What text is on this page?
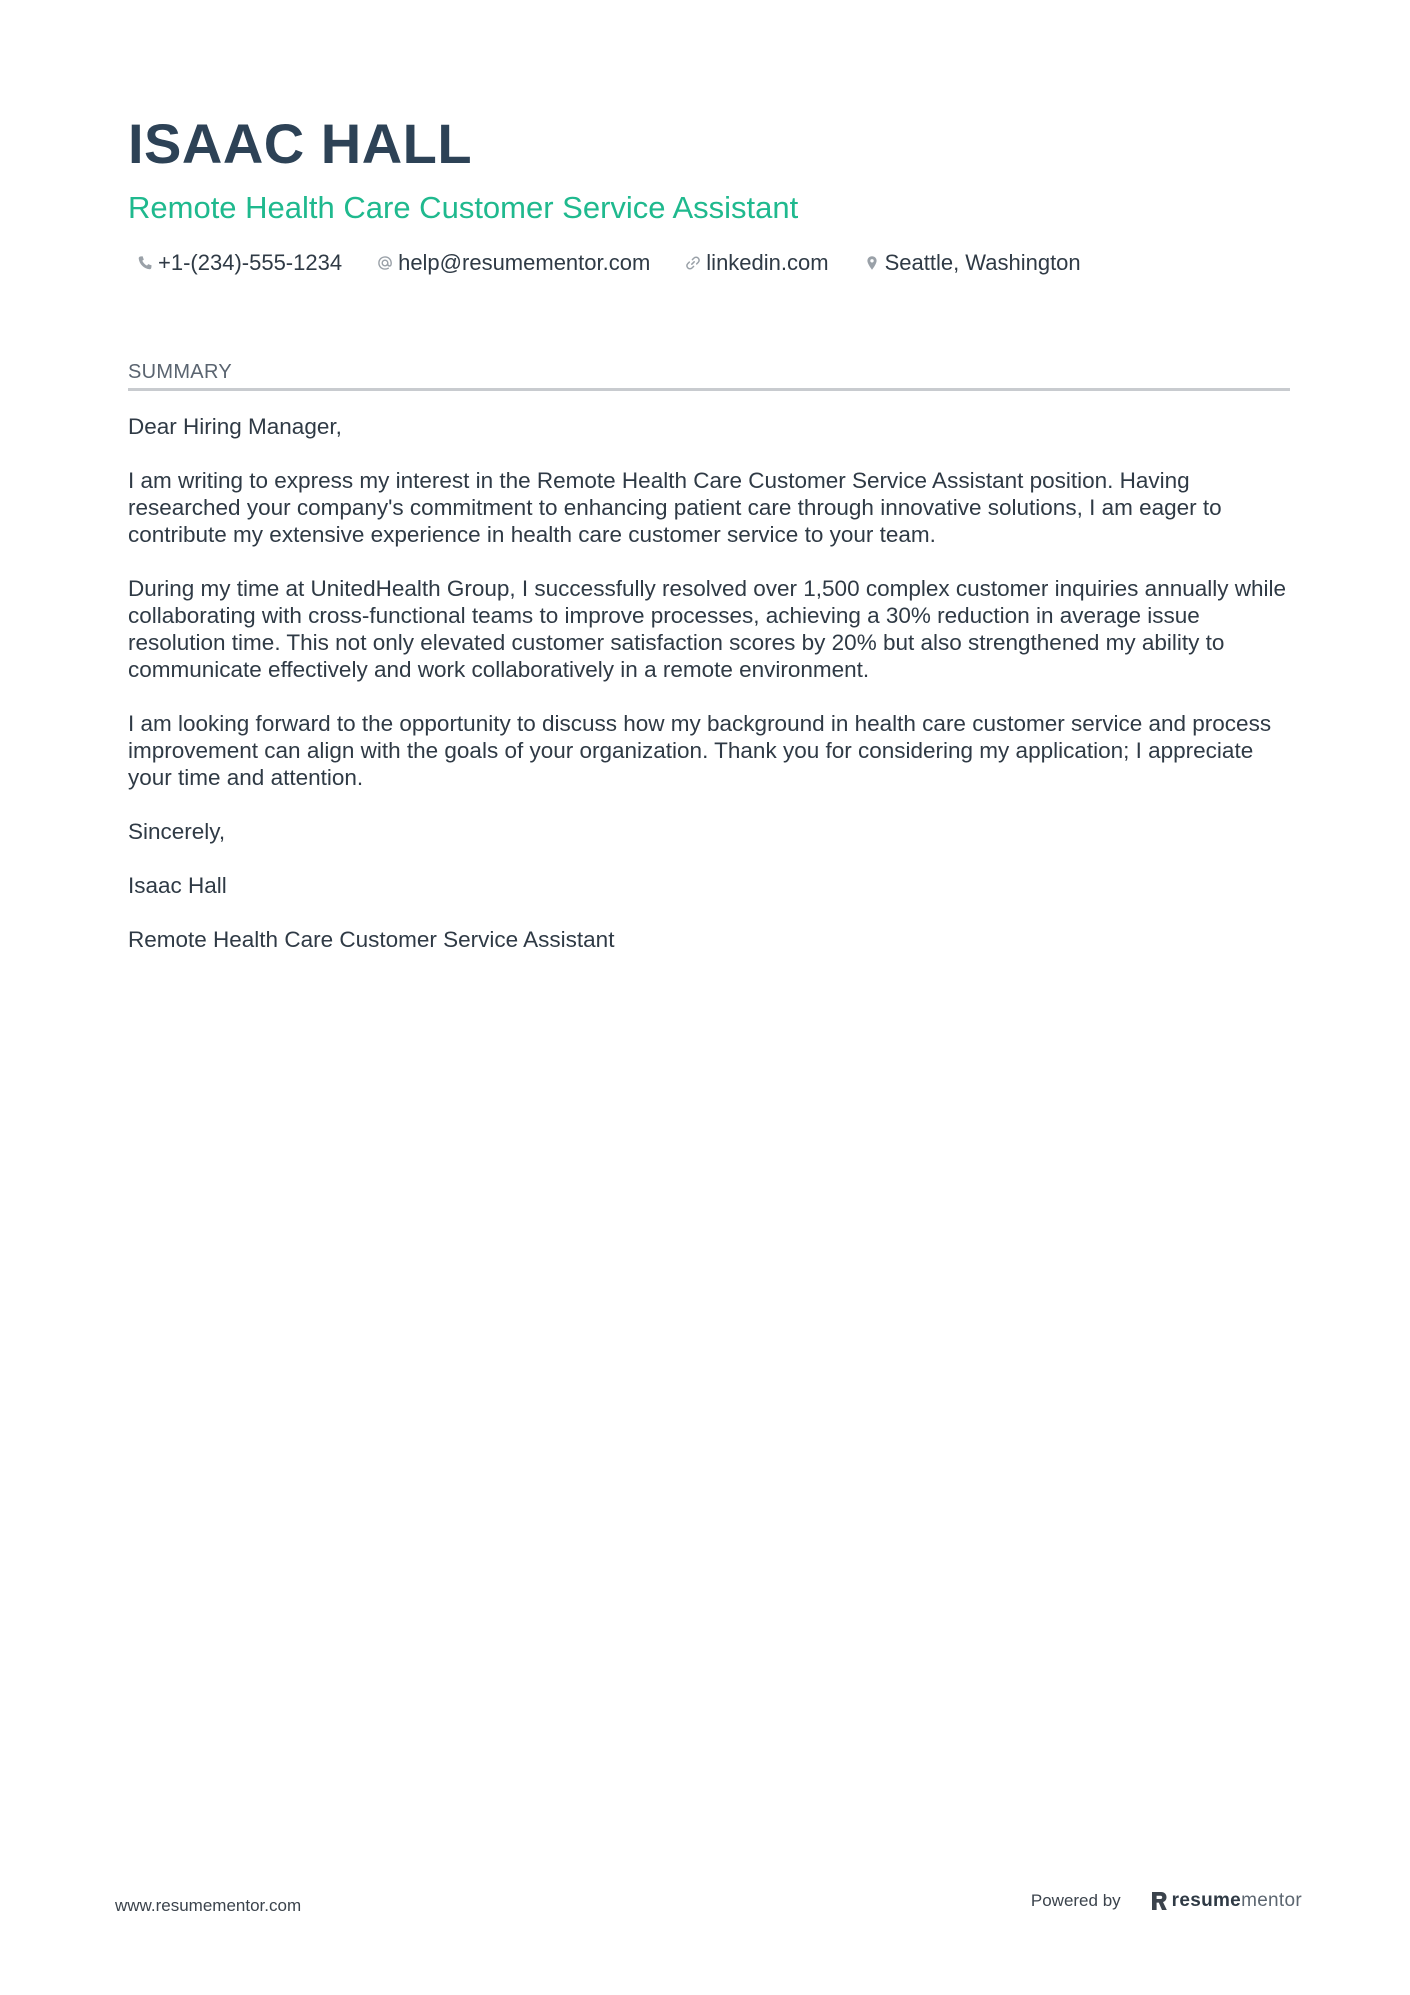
ISAAC HALL
Remote Health Care Customer Service Assistant
+1-(234)-555-1234	help@resumementor.com	linkedin.com	Seattle, Washington
SUMMARY

Dear Hiring Manager,

I am writing to express my interest in the Remote Health Care Customer Service Assistant position. Having researched your company's commitment to enhancing patient care through innovative solutions, I am eager to contribute my extensive experience in health care customer service to your team.

During my time at UnitedHealth Group, I successfully resolved over 1,500 complex customer inquiries annually while collaborating with cross-functional teams to improve processes, achieving a 30% reduction in average issue resolution time. This not only elevated customer satisfaction scores by 20% but also strengthened my ability to communicate effectively and work collaboratively in a remote environment.

I am looking forward to the opportunity to discuss how my background in health care customer service and process improvement can align with the goals of your organization. Thank you for considering my application; I appreciate your time and attention.

Sincerely,

Isaac Hall

Remote Health Care Customer Service Assistant

www.resumementor.com	Powered by	resume mentor
